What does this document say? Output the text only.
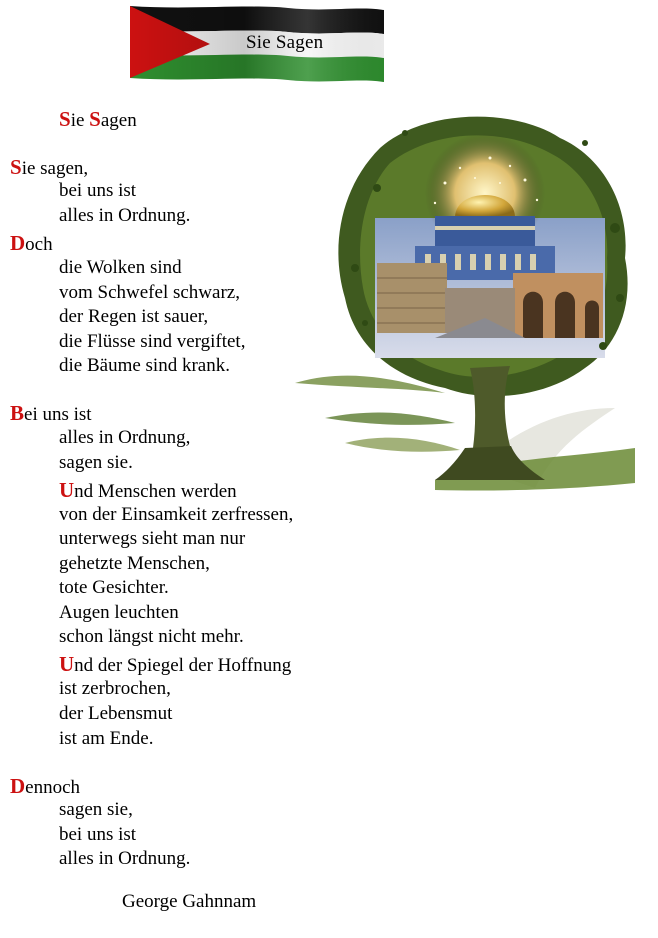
Sie Sagen
Sie Sagen
Sie sagen,
bei uns ist
alles in Ordnung.
Doch
die Wolken sind
vom Schwefel schwarz,
der Regen ist sauer,
die Flüsse sind vergiftet,
die Bäume sind krank.
Bei uns ist
alles in Ordnung,
sagen sie.
Und Menschen werden
von der Einsamkeit zerfressen,
unterwegs sieht man nur
gehetzte Menschen,
tote Gesichter.
Augen leuchten
schon längst nicht mehr.
Und der Spiegel der Hoffnung
ist zerbrochen,
der Lebensmut
ist am Ende.
Dennoch
sagen sie,
bei uns ist
alles in Ordnung.
George Gahnnam
